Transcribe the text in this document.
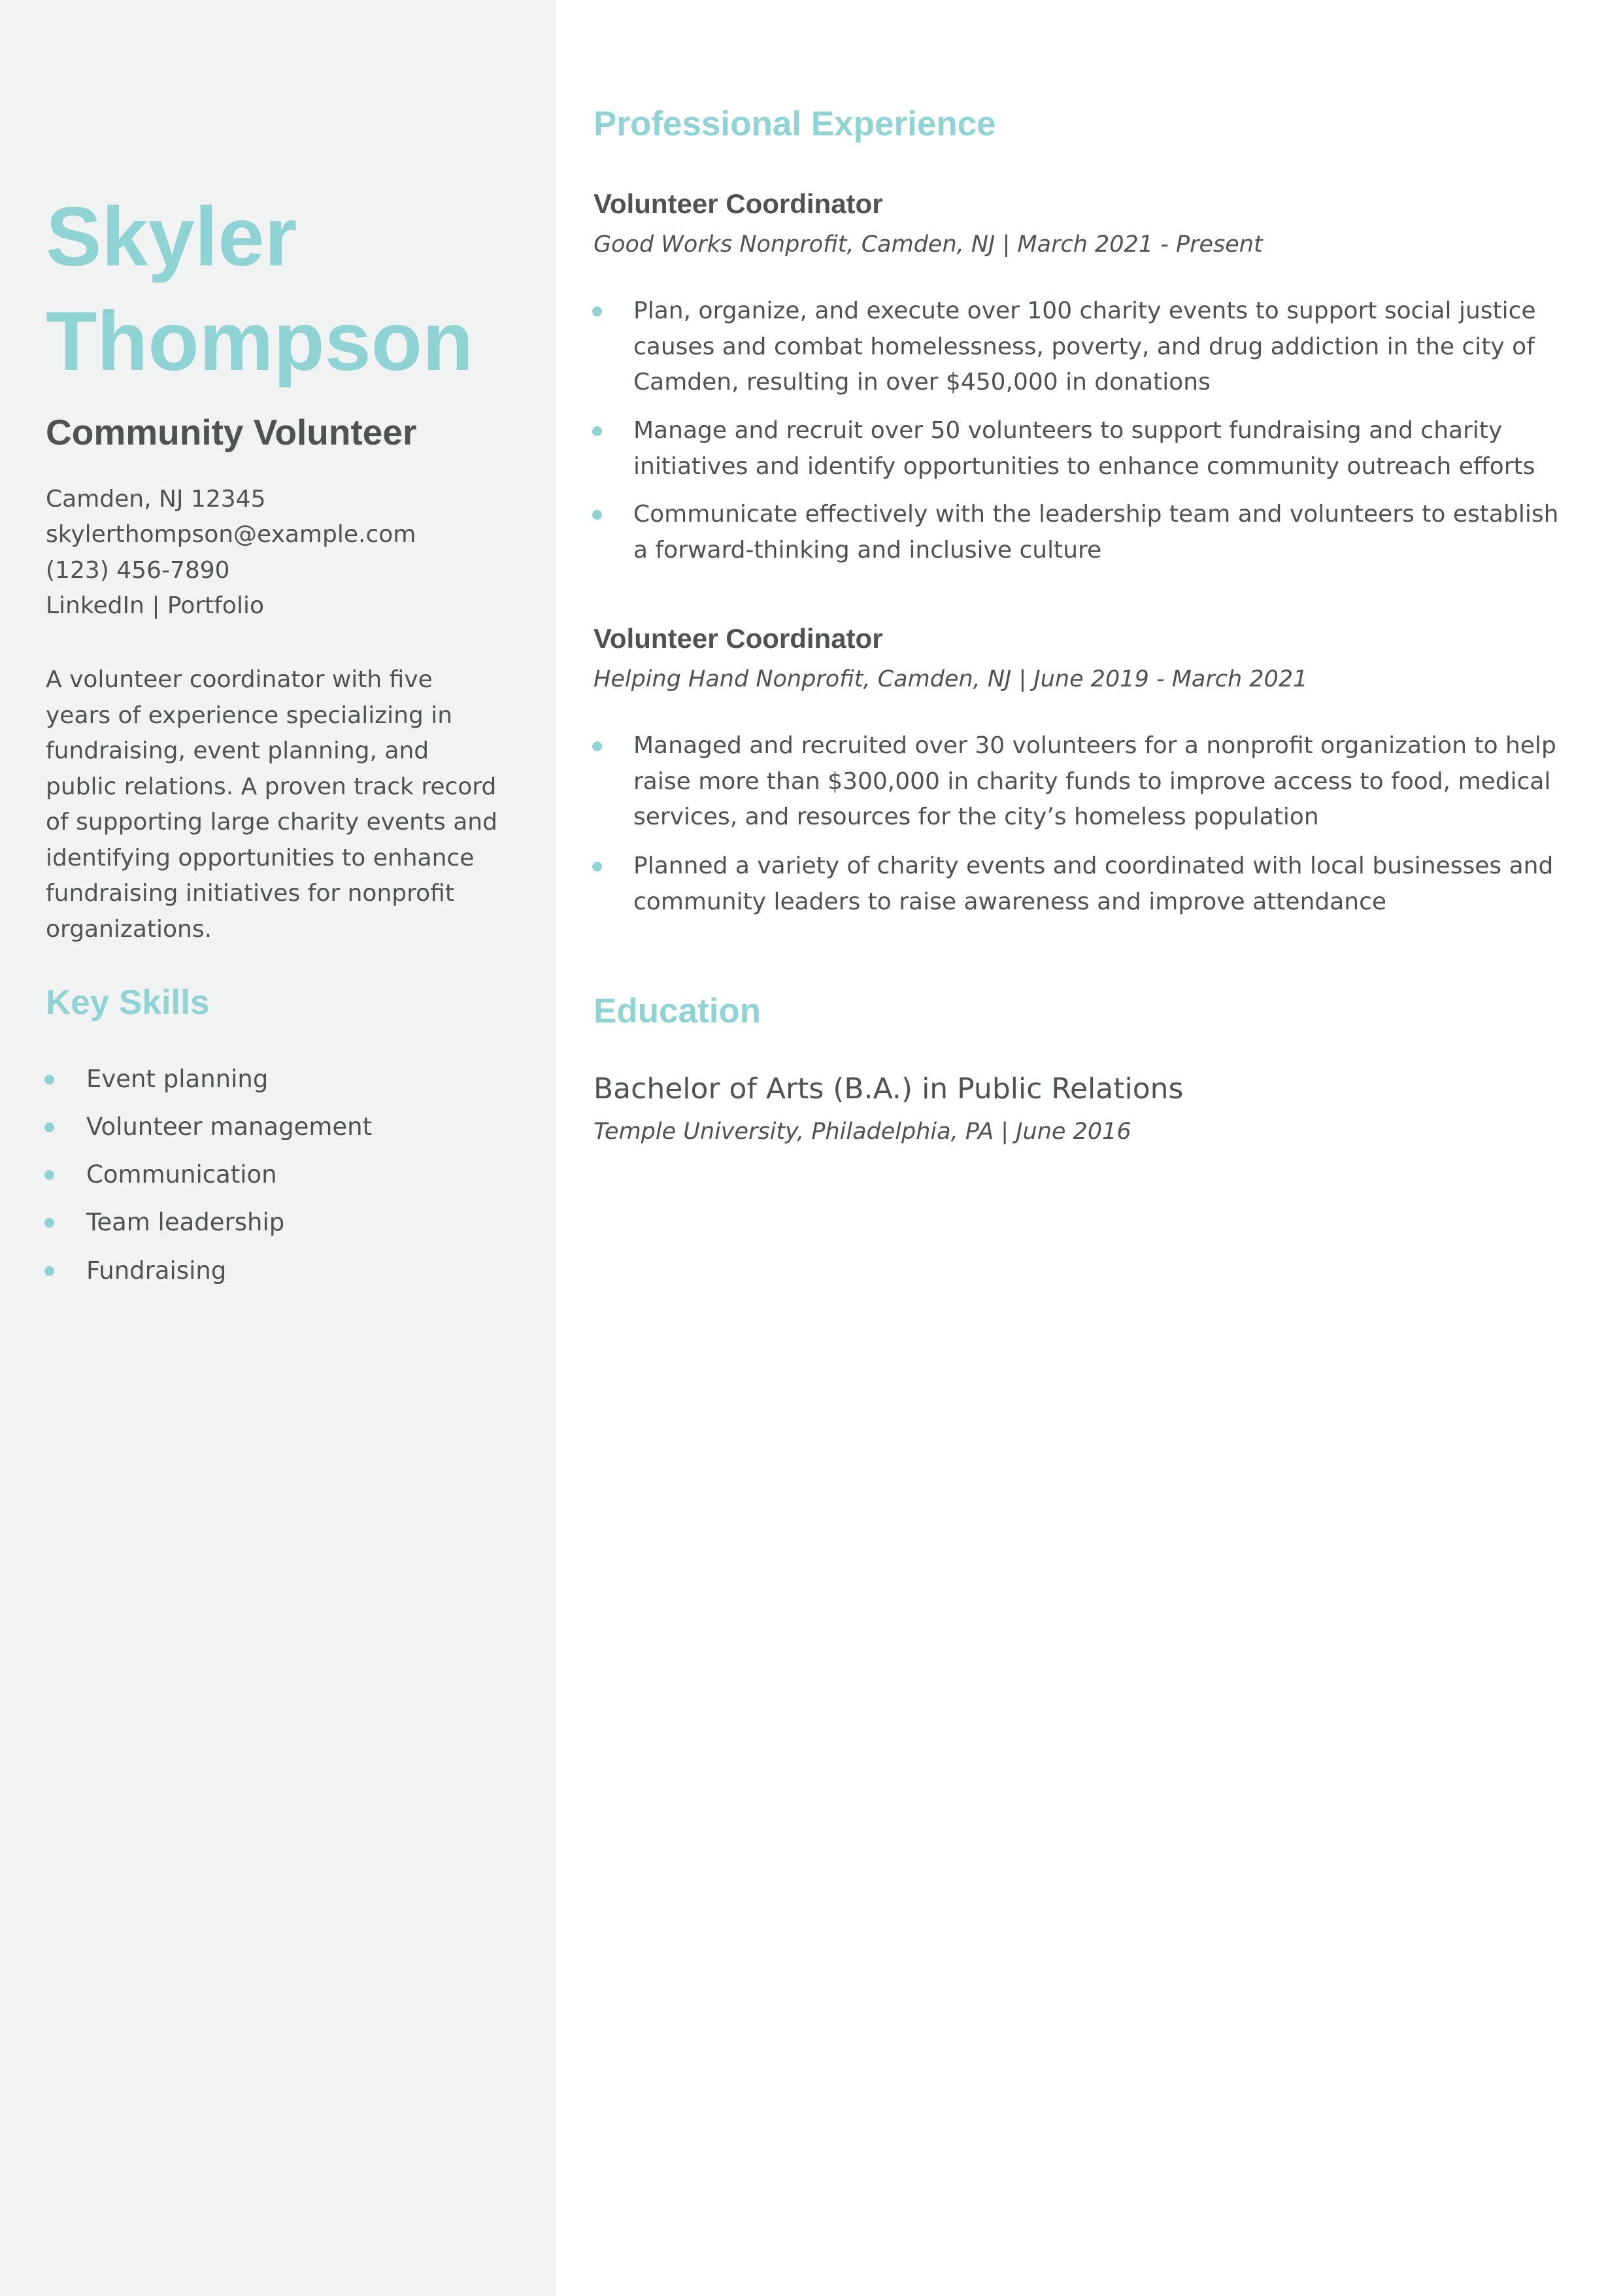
Skyler
Thompson
Community Volunteer
Camden, NJ 12345
skylerthompson@example.com
(123) 456-7890
LinkedIn | Portfolio

A volunteer coordinator with five years of experience specializing in fundraising, event planning, and public relations. A proven track record of supporting large charity events and identifying opportunities to enhance fundraising initiatives for nonprofit organizations.

Key Skills
Event planning
Volunteer management
Communication
Team leadership
Fundraising
Professional Experience
Volunteer Coordinator
Good Works Nonprofit, Camden, NJ | March 2021 - Present
Plan, organize, and execute over 100 charity events to support social justice causes and combat homelessness, poverty, and drug addiction in the city of Camden, resulting in over $450,000 in donations
Manage and recruit over 50 volunteers to support fundraising and charity initiatives and identify opportunities to enhance community outreach efforts
Communicate effectively with the leadership team and volunteers to establish a forward-thinking and inclusive culture
Volunteer Coordinator
Helping Hand Nonprofit, Camden, NJ | June 2019 - March 2021
Managed and recruited over 30 volunteers for a nonprofit organization to help raise more than $300,000 in charity funds to improve access to food, medical services, and resources for the city’s homeless population
Planned a variety of charity events and coordinated with local businesses and community leaders to raise awareness and improve attendance
Education
Bachelor of Arts (B.A.) in Public Relations
Temple University, Philadelphia, PA | June 2016
